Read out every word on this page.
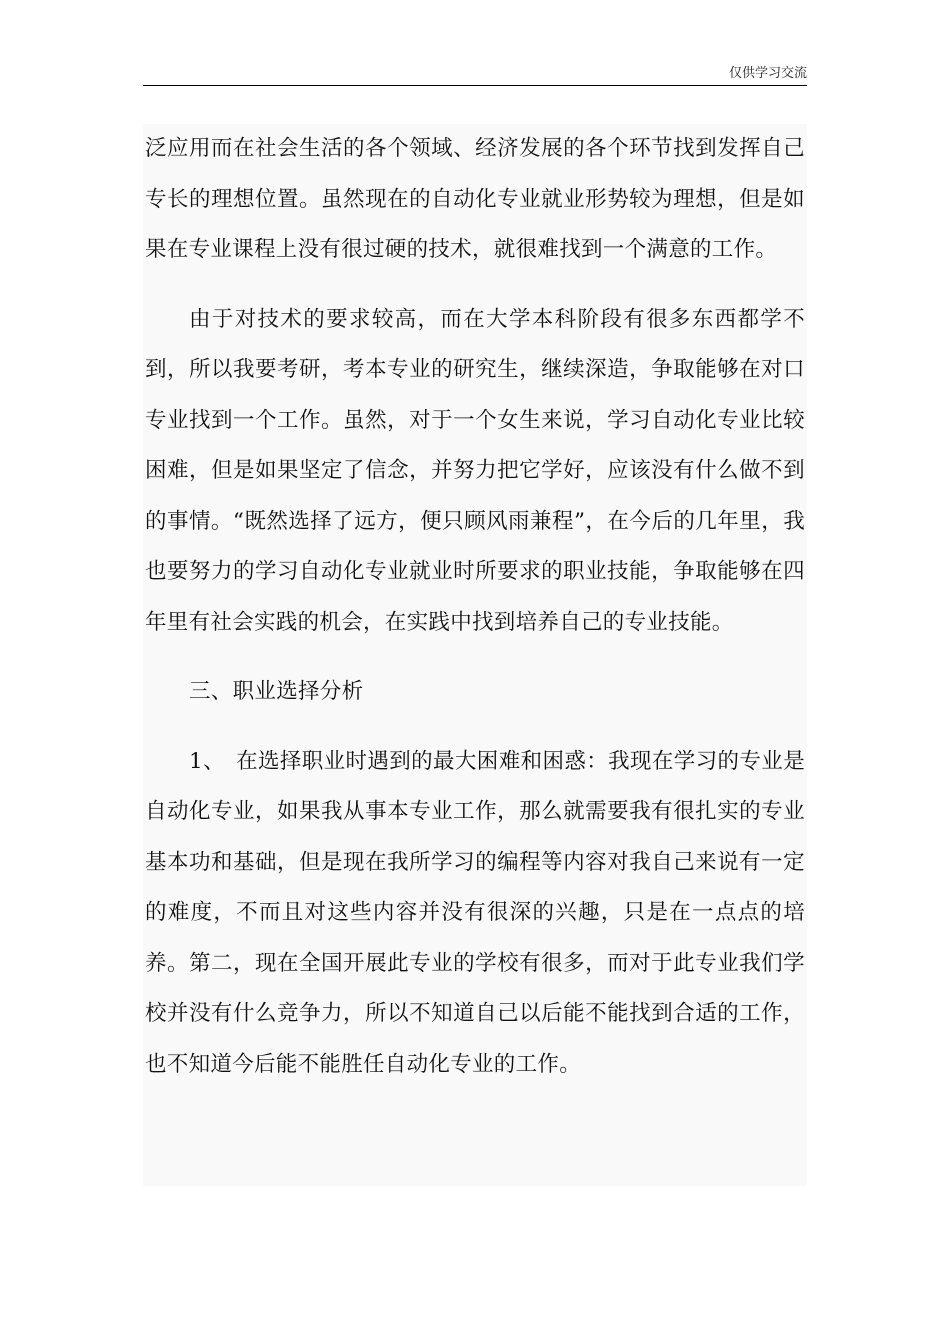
仅供学习交流

泛应用而在社会生活的各个领域、经济发展的各个环节找到发挥自己专长的理想位置。虽然现在的自动化专业就业形势较为理想，但是如果在专业课程上没有很过硬的技术，就很难找到一个满意的工作。

由于对技术的要求较高，而在大学本科阶段有很多东西都学不到，所以我要考研，考本专业的研究生，继续深造，争取能够在对口专业找到一个工作。虽然，对于一个女生来说，学习自动化专业比较困难，但是如果坚定了信念，并努力把它学好，应该没有什么做不到的事情。“既然选择了远方，便只顾风雨兼程”，在今后的几年里，我也要努力的学习自动化专业就业时所要求的职业技能，争取能够在四年里有社会实践的机会，在实践中找到培养自己的专业技能。

三、职业选择分析

1、　在选择职业时遇到的最大困难和困惑：我现在学习的专业是自动化专业，如果我从事本专业工作，那么就需要我有很扎实的专业基本功和基础，但是现在我所学习的编程等内容对我自己来说有一定的难度，不而且对这些内容并没有很深的兴趣，只是在一点点的培养。第二，现在全国开展此专业的学校有很多，而对于此专业我们学校并没有什么竞争力，所以不知道自己以后能不能找到合适的工作，也不知道今后能不能胜任自动化专业的工作。
